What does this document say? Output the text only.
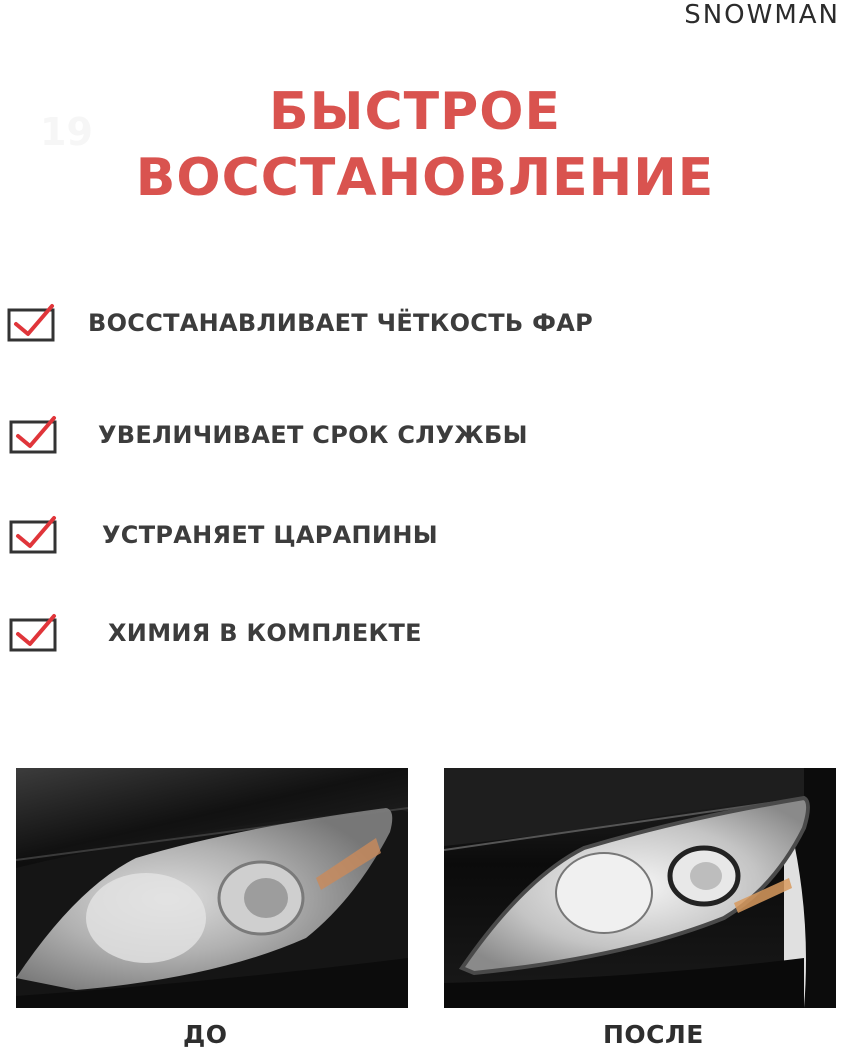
SNOWMAN
19	БЫСТРОЕ
ВОССТАНОВЛЕНИЕ
ВОССТАНАВЛИВАЕТ ЧЁТКОСТЬ ФАР
УВЕЛИЧИВАЕТ СРОК СЛУЖБЫ
УСТРАНЯЕТ ЦАРАПИНЫ
ХИМИЯ В КОМПЛЕКТЕ
ДО	ПОСЛЕ
